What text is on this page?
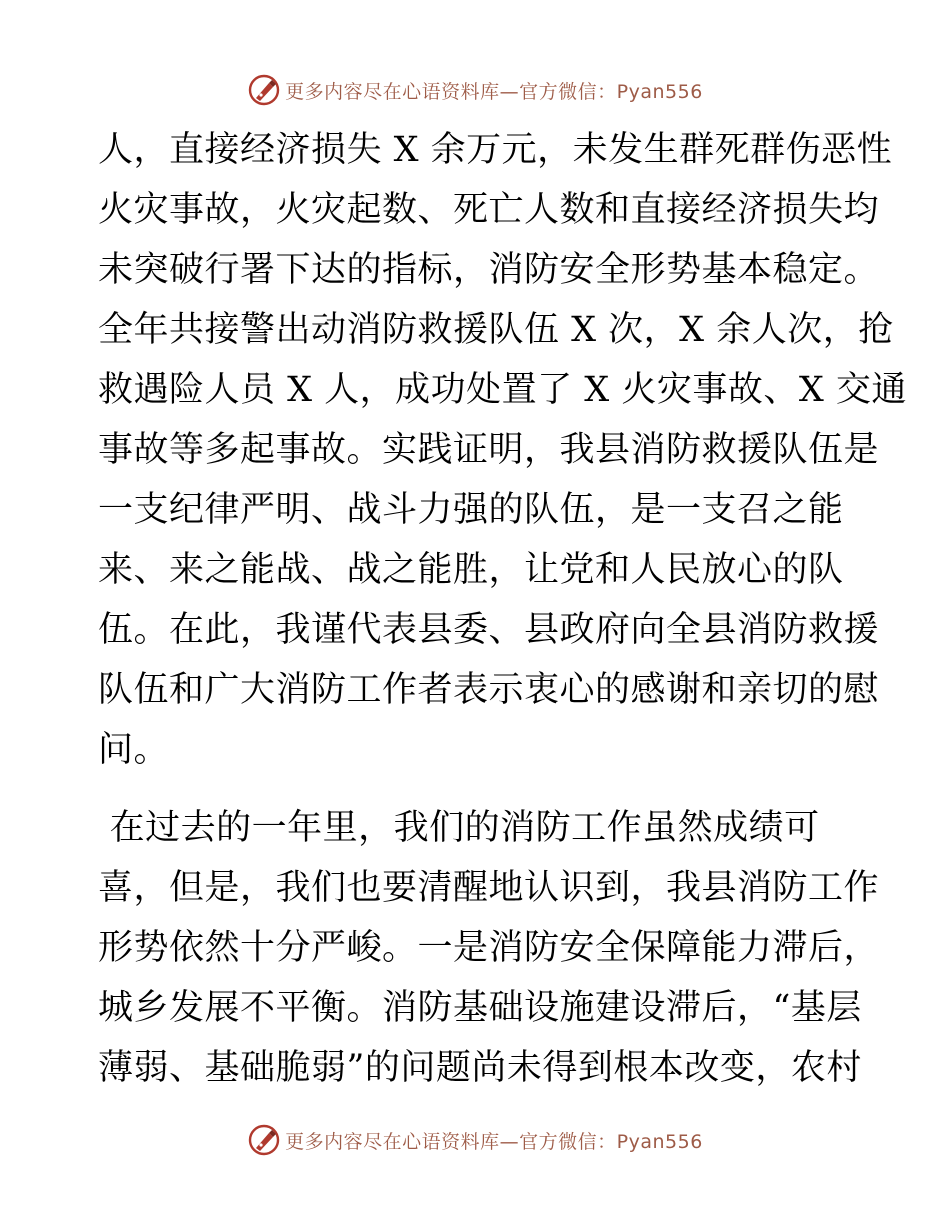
更多内容尽在心语资料库—官方微信：Pyan556

人，直接经济损失 X 余万元，未发生群死群伤恶性
火灾事故，火灾起数、死亡人数和直接经济损失均
未突破行署下达的指标，消防安全形势基本稳定。
全年共接警出动消防救援队伍 X 次，X 余人次，抢
救遇险人员 X 人，成功处置了 X 火灾事故、X 交通
事故等多起事故。实践证明，我县消防救援队伍是
一支纪律严明、战斗力强的队伍，是一支召之能
来、来之能战、战之能胜，让党和人民放心的队
伍。在此，我谨代表县委、县政府向全县消防救援
队伍和广大消防工作者表示衷心的感谢和亲切的慰
问。

在过去的一年里，我们的消防工作虽然成绩可
喜，但是，我们也要清醒地认识到，我县消防工作
形势依然十分严峻。一是消防安全保障能力滞后，
城乡发展不平衡。消防基础设施建设滞后，“基层
薄弱、基础脆弱”的问题尚未得到根本改变，农村

更多内容尽在心语资料库—官方微信：Pyan556
